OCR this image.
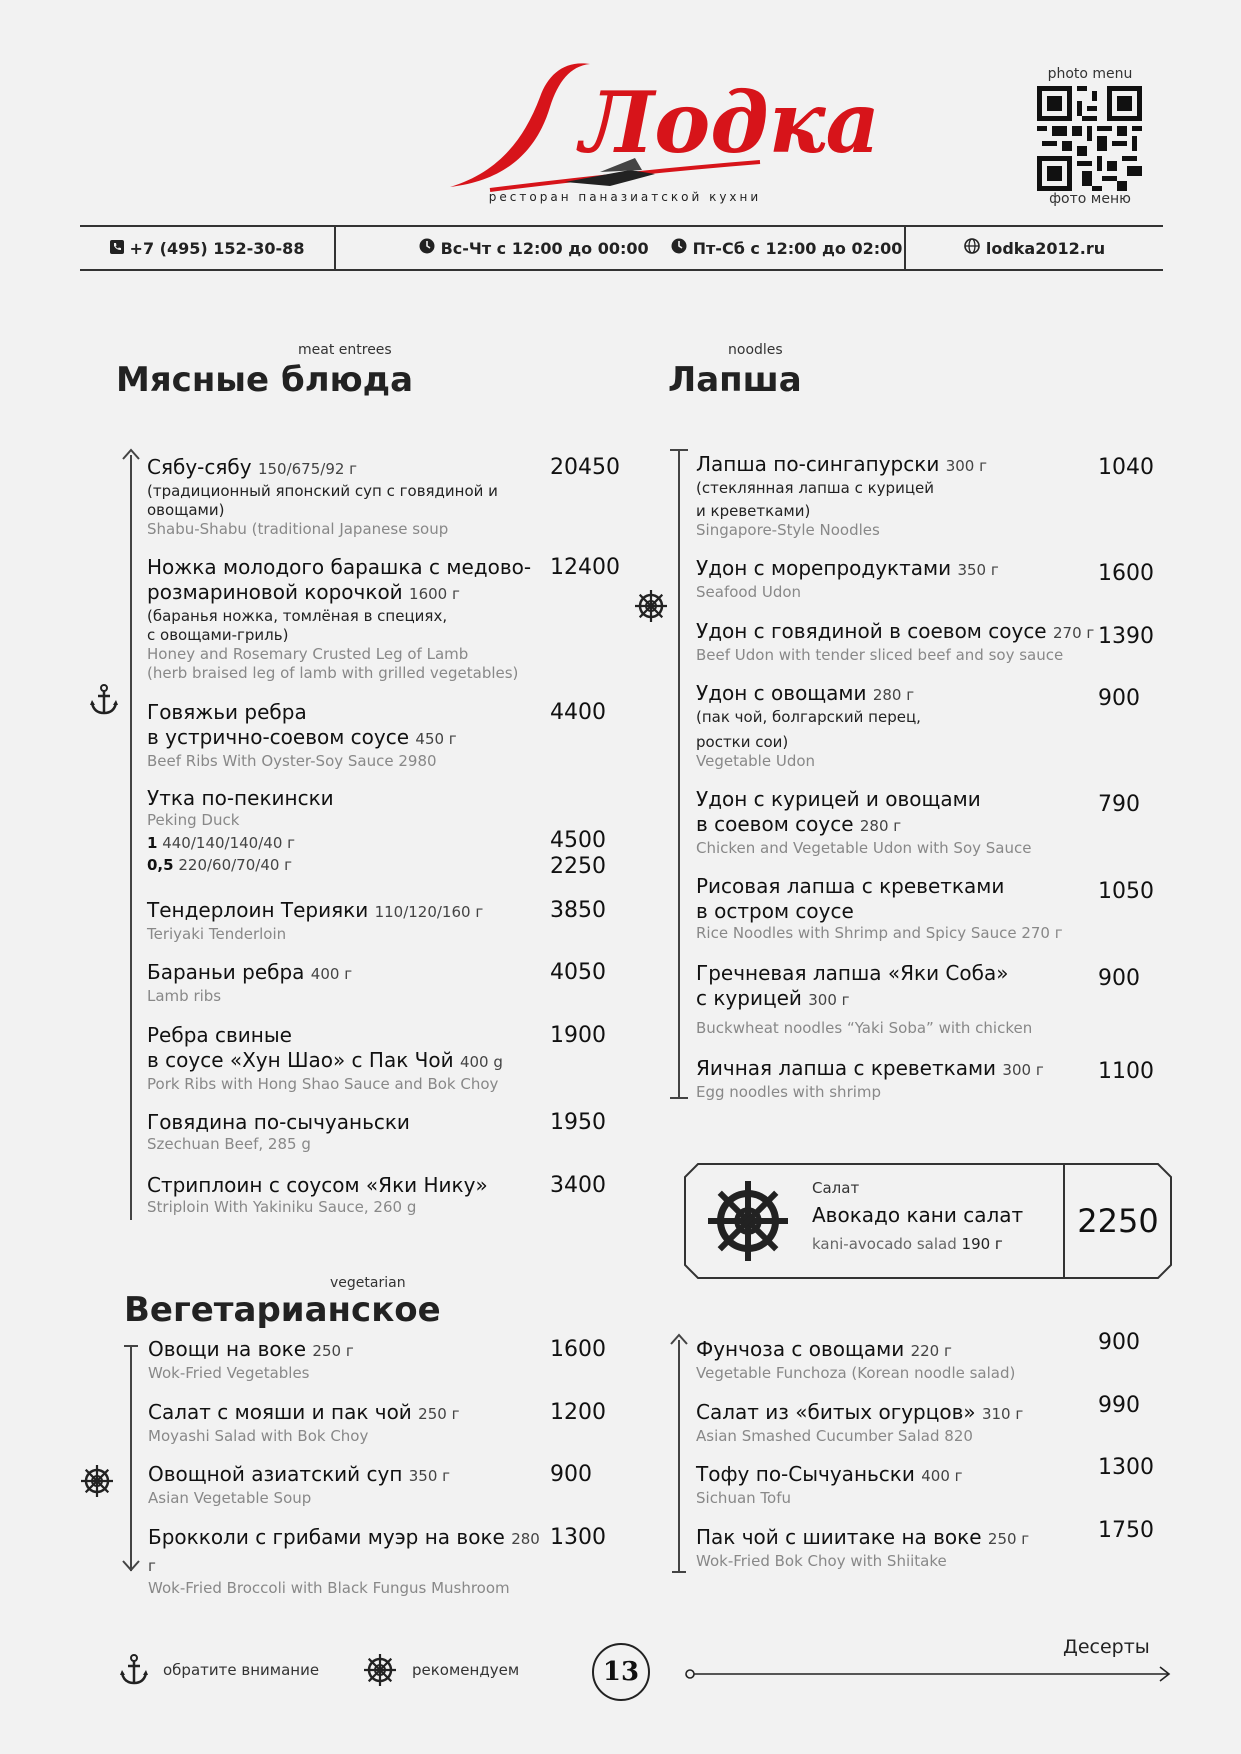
Лодка
ресторан паназиатской кухни
photo menu
фото меню
+7 (495) 152-30-88	Вс-Чт с 12:00 до 00:00	Пт-Сб с 12:00 до 02:00	lodka2012.ru
meat entrees
Мясные блюда
Сябу-сябу 150/675/92 г
(традиционный японский суп с говядиной и овощами)
Shabu-Shabu (traditional Japanese soup
20450
Ножка молодого барашка с медово-
розмариновой корочкой 1600 г
(баранья ножка, томлёная в специях,
с овощами-гриль)
Honey and Rosemary Crusted Leg of Lamb
(herb braised leg of lamb with grilled vegetables)
12400
Говяжьи ребра
в устрично-соевом соусе 450 г
Beef Ribs With Oyster-Soy Sauce 2980
4400
Утка по-пекински
Peking Duck
1 440/140/140/40 г
0,5 220/60/70/40 г
4500
2250
Тендерлоин Терияки 110/120/160 г
Teriyaki Tenderloin
3850
Бараньи ребра 400 г
Lamb ribs
4050
Ребра свиные
в соусе «Хун Шао» с Пак Чой 400 g
Pork Ribs with Hong Shao Sauce and Bok Choy
1900
Говядина по-сычуаньски
Szechuan Beef, 285 g
1950
Стриплоин с соусом «Яки Нику»
Striploin With Yakiniku Sauce, 260 g
3400
noodles
Лапша
Лапша по-сингапурски 300 г
(стеклянная лапша с курицей
и креветками)
Singapore-Style Noodles
1040
Удон с морепродуктами 350 г
Seafood Udon
1600
Удон с говядиной в соевом соусе 270 г
Beef Udon with tender sliced beef and soy sauce
1390
Удон с овощами 280 г
(пак чой, болгарский перец,
ростки сои)
Vegetable Udon
900
Удон с курицей и овощами
в соевом соусе 280 г
Chicken and Vegetable Udon with Soy Sauce
790
Рисовая лапша с креветками
в остром соусе
Rice Noodles with Shrimp and Spicy Sauce 270 г
1050
Гречневая лапша «Яки Соба»
с курицей 300 г
Buckwheat noodles “Yaki Soba” with chicken
900
Яичная лапша с креветками 300 г
Egg noodles with shrimp
1100
Салат
Авокадо кани салат
kani-avocado salad 190 г
2250
vegetarian
Вегетарианское
Овощи на воке 250 г
Wok-Fried Vegetables
1600
Салат с мояши и пак чой 250 г
Moyashi Salad with Bok Choy
1200
Овощной азиатский суп 350 г
Asian Vegetable Soup
900
Брокколи с грибами муэр на воке 280 г
Wok-Fried Broccoli with Black Fungus Mushroom
1300
Фунчоза с овощами 220 г
Vegetable Funchoza (Korean noodle salad)
900
Салат из «битых огурцов» 310 г
Asian Smashed Cucumber Salad 820
990
Тофу по-Сычуаньски 400 г
Sichuan Tofu
1300
Пак чой с шиитаке на воке 250 г
Wok-Fried Bok Choy with Shiitake
1750
обратите внимание	рекомендуем	13
Десерты
